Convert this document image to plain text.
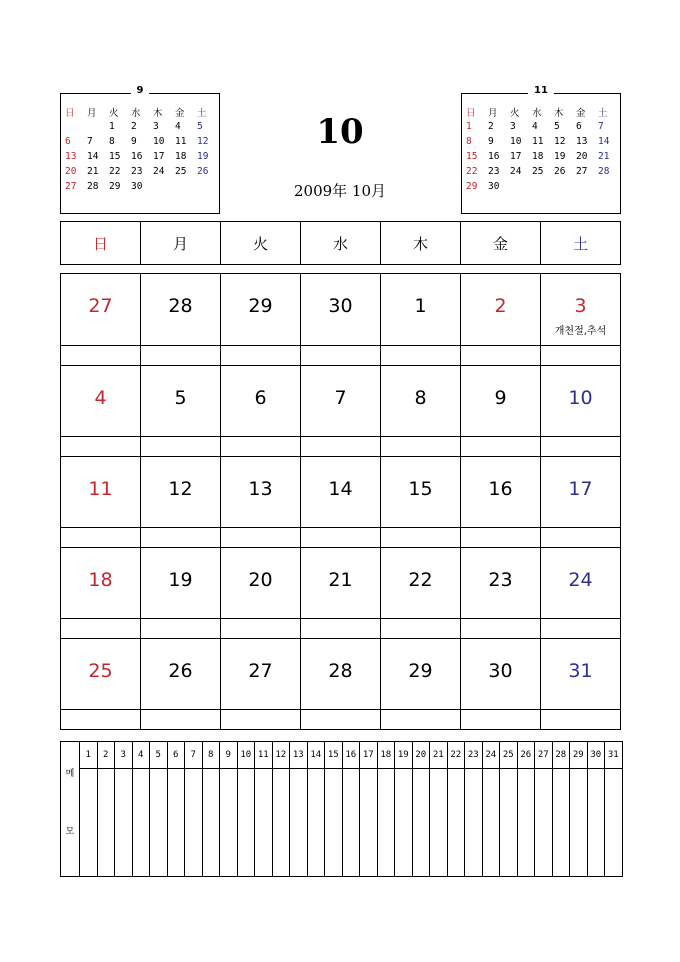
9
日	月	火	水	木	金	土
		1	2	3	4	5
6	7	8	9	10	11	12
13	14	15	16	17	18	19
20	21	22	23	24	25	26
27	28	29	30			
11
日	月	火	水	木	金	土
1	2	3	4	5	6	7
8	9	10	11	12	13	14
15	16	17	18	19	20	21
22	23	24	25	26	27	28
29	30					
10
2009年 10月
日	月	火	水	木	金	土
27	28	29	30	1	2	3
개천절,추석

4	5	6	7	8	9	10

11	12	13	14	15	16	17

18	19	20	21	22	23	24

25	26	27	28	29	30	31

메
모	1	2	3	4	5	6	7	8	9	10	11	12	13	14	15	16	17	18	19	20	21	22	23	24	25	26	27	28	29	30	31
